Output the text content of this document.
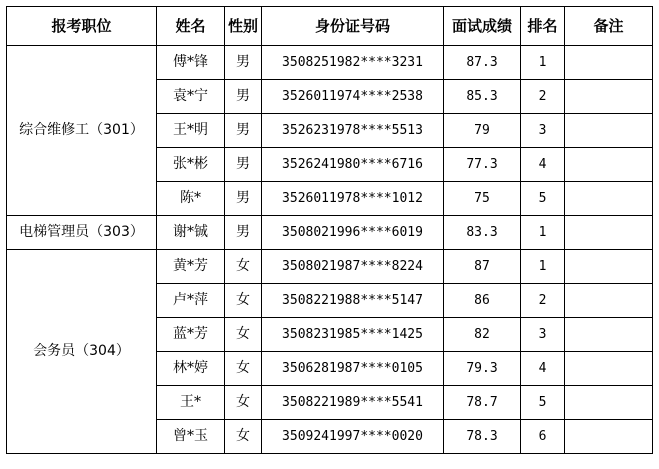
报考职位	姓名	性别	身份证号码	面试成绩	排名	备注
综合维修工（301）	傅*锋	男	3508251982****3231	87.3	1	
	袁*宁	男	3526011974****2538	85.3	2	
	王*明	男	3526231978****5513	79	3	
	张*彬	男	3526241980****6716	77.3	4	
	陈*	男	3526011978****1012	75	5	
电梯管理员（303）	谢*铖	男	3508021996****6019	83.3	1	
会务员（304）	黄*芳	女	3508021987****8224	87	1	
	卢*萍	女	3508221988****5147	86	2	
	蓝*芳	女	3508231985****1425	82	3	
	林*婷	女	3506281987****0105	79.3	4	
	王*	女	3508221989****5541	78.7	5	
	曾*玉	女	3509241997****0020	78.3	6	
